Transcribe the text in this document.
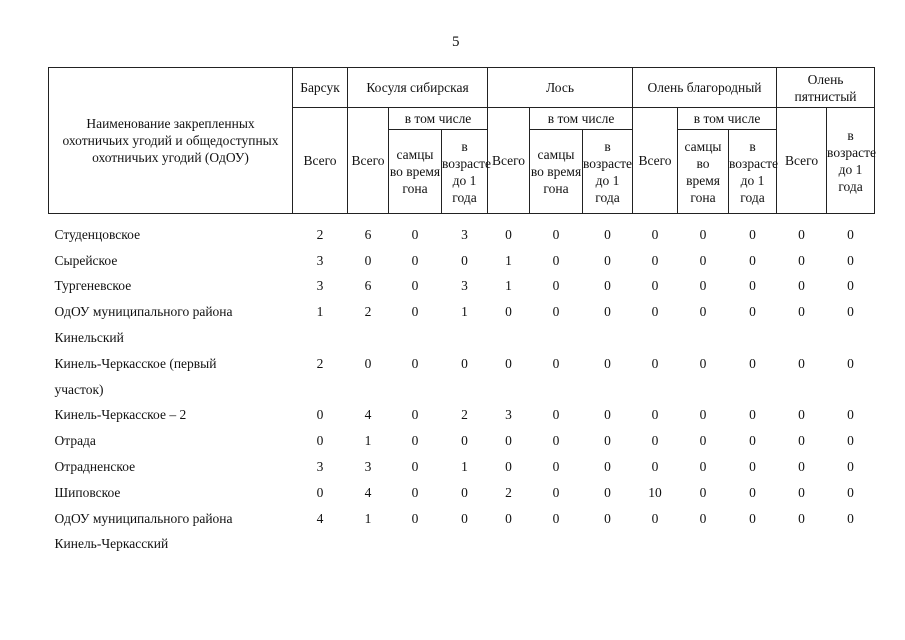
5
Наименование закрепленных охотничьих угодий и общедоступных охотничьих угодий (ОдОУ)	Барсук	Косуля сибирская			Лось			Олень благородный			Олень пятнистый	
	Всего	Всего	в том числе		Всего	в том числе		Всего	в том числе		Всего	в возрасте до 1 года
			самцы во время гона	в возрасте до 1 года		самцы во время гона	в возрасте до 1 года		самцы во время гона	в возрасте до 1 года		

Студенцовское	2	6	0	3	0	0	0	0	0	0	0	0
Сырейское	3	0	0	0	1	0	0	0	0	0	0	0
Тургеневское	3	6	0	3	1	0	0	0	0	0	0	0
ОдОУ муниципального района	1	2	0	1	0	0	0	0	0	0	0	0
Кинельский												
Кинель-Черкасское (первый	2	0	0	0	0	0	0	0	0	0	0	0
участок)												
Кинель-Черкасское – 2	0	4	0	2	3	0	0	0	0	0	0	0
Отрада	0	1	0	0	0	0	0	0	0	0	0	0
Отрадненское	3	3	0	1	0	0	0	0	0	0	0	0
Шиповское	0	4	0	0	2	0	0	10	0	0	0	0
ОдОУ муниципального района	4	1	0	0	0	0	0	0	0	0	0	0
Кинель-Черкасский												
